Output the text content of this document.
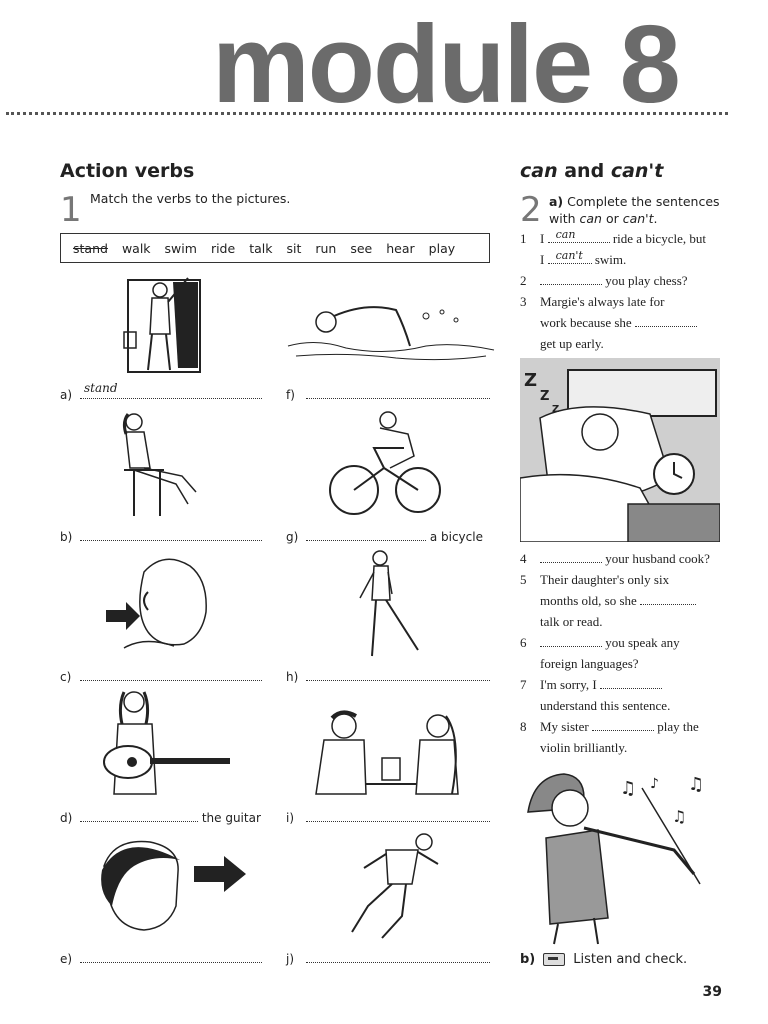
module 8
Action verbs
1 Match the verbs to the pictures.
stand walk swim ride talk sit run see hear play
a) stand
b)
c)
d)	the guitar
e)
f)
g)	a bicycle
h)
i)
j)
can and can't
2 a) Complete the sentences with can or can't.
1 I can	ride a bicycle, but
I can't swim.
2	you play chess?
3 Margie's always late for
work because she
get up early.
Z
Z
Z
4	your husband cook?
5 Their daughter's only six
months old, so she
talk or read.
6	you speak any
foreign languages?
7 I'm sorry, I
understand this sentence.
8 My sister	play the
violin brilliantly.
♫ ♪ ♫
♫
b)	Listen and check.
39
